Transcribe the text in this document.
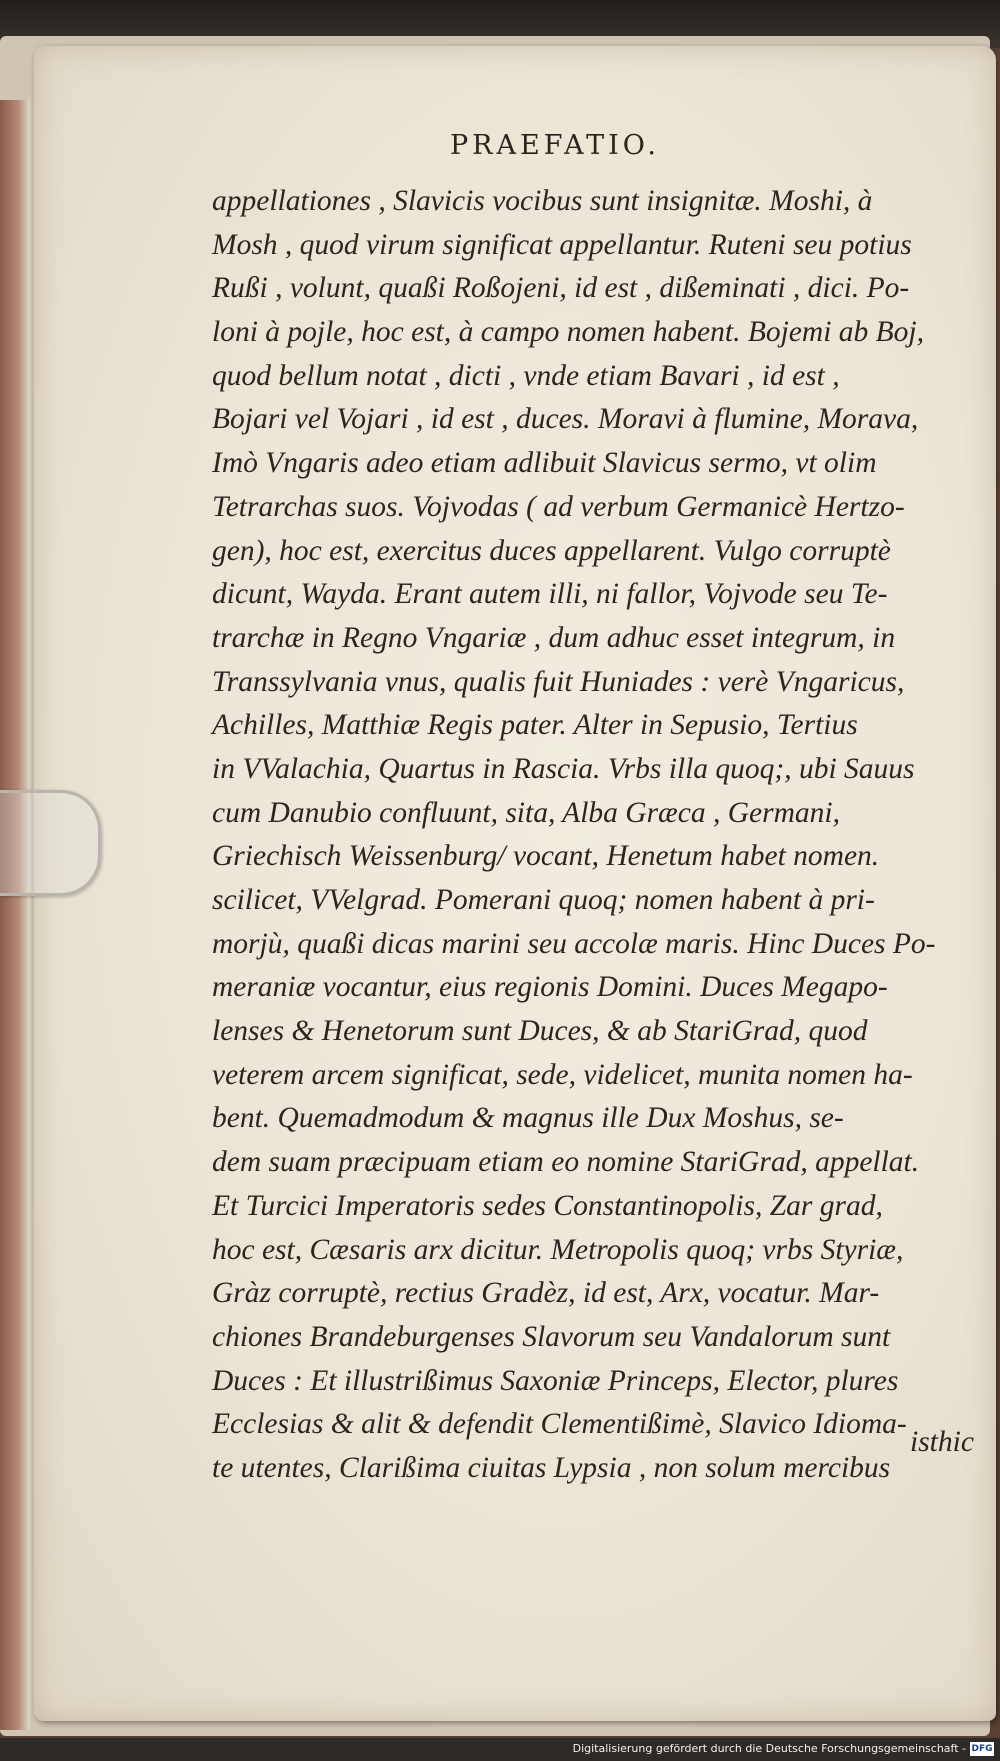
PRAEFATIO.
appellationes , Slavicis vocibus sunt insignitæ. Moshi, à
Mosh , quod virum significat appellantur. Ruteni seu potius
Rußi , volunt, quaßi Roßojeni, id est , dißeminati , dici. Po-
loni à pojle, hoc est, à campo nomen habent. Bojemi ab Boj,
quod bellum notat , dicti , vnde etiam Bavari , id est ,
Bojari vel Vojari , id est , duces. Moravi à flumine, Morava,
Imò Vngaris adeo etiam adlibuit Slavicus sermo, vt olim
Tetrarchas suos. Vojvodas ( ad verbum Germanicè Hertzo-
gen), hoc est, exercitus duces appellarent. Vulgo corruptè
dicunt, Wayda. Erant autem illi, ni fallor, Vojvode seu Te-
trarchæ in Regno Vngariæ , dum adhuc esset integrum, in
Transsylvania vnus, qualis fuit Huniades : verè Vngaricus,
Achilles, Matthiæ Regis pater. Alter in Sepusio, Tertius
in VValachia, Quartus in Rascia. Vrbs illa quoq;, ubi Sauus
cum Danubio confluunt, sita, Alba Græca , Germani,
Griechisch Weissenburg/ vocant, Henetum habet nomen.
scilicet, VVelgrad. Pomerani quoq; nomen habent à pri-
morjù, quaßi dicas marini seu accolæ maris. Hinc Duces Po-
meraniæ vocantur, eius regionis Domini. Duces Megapo-
lenses & Henetorum sunt Duces, & ab StariGrad, quod
veterem arcem significat, sede, videlicet, munita nomen ha-
bent. Quemadmodum & magnus ille Dux Moshus, se-
dem suam præcipuam etiam eo nomine StariGrad, appellat.
Et Turcici Imperatoris sedes Constantinopolis, Zar grad,
hoc est, Cæsaris arx dicitur. Metropolis quoq; vrbs Styriæ,
Gràz corruptè, rectius Gradèz, id est, Arx, vocatur. Mar-
chiones Brandeburgenses Slavorum seu Vandalorum sunt
Duces : Et illustrißimus Saxoniæ Princeps, Elector, plures
Ecclesias & alit & defendit Clementißimè, Slavico Idioma-
te utentes, Clarißima ciuitas Lypsia , non solum mercibus
isthic
Digitalisierung gefördert durch die Deutsche Forschungsgemeinschaft - DFG
